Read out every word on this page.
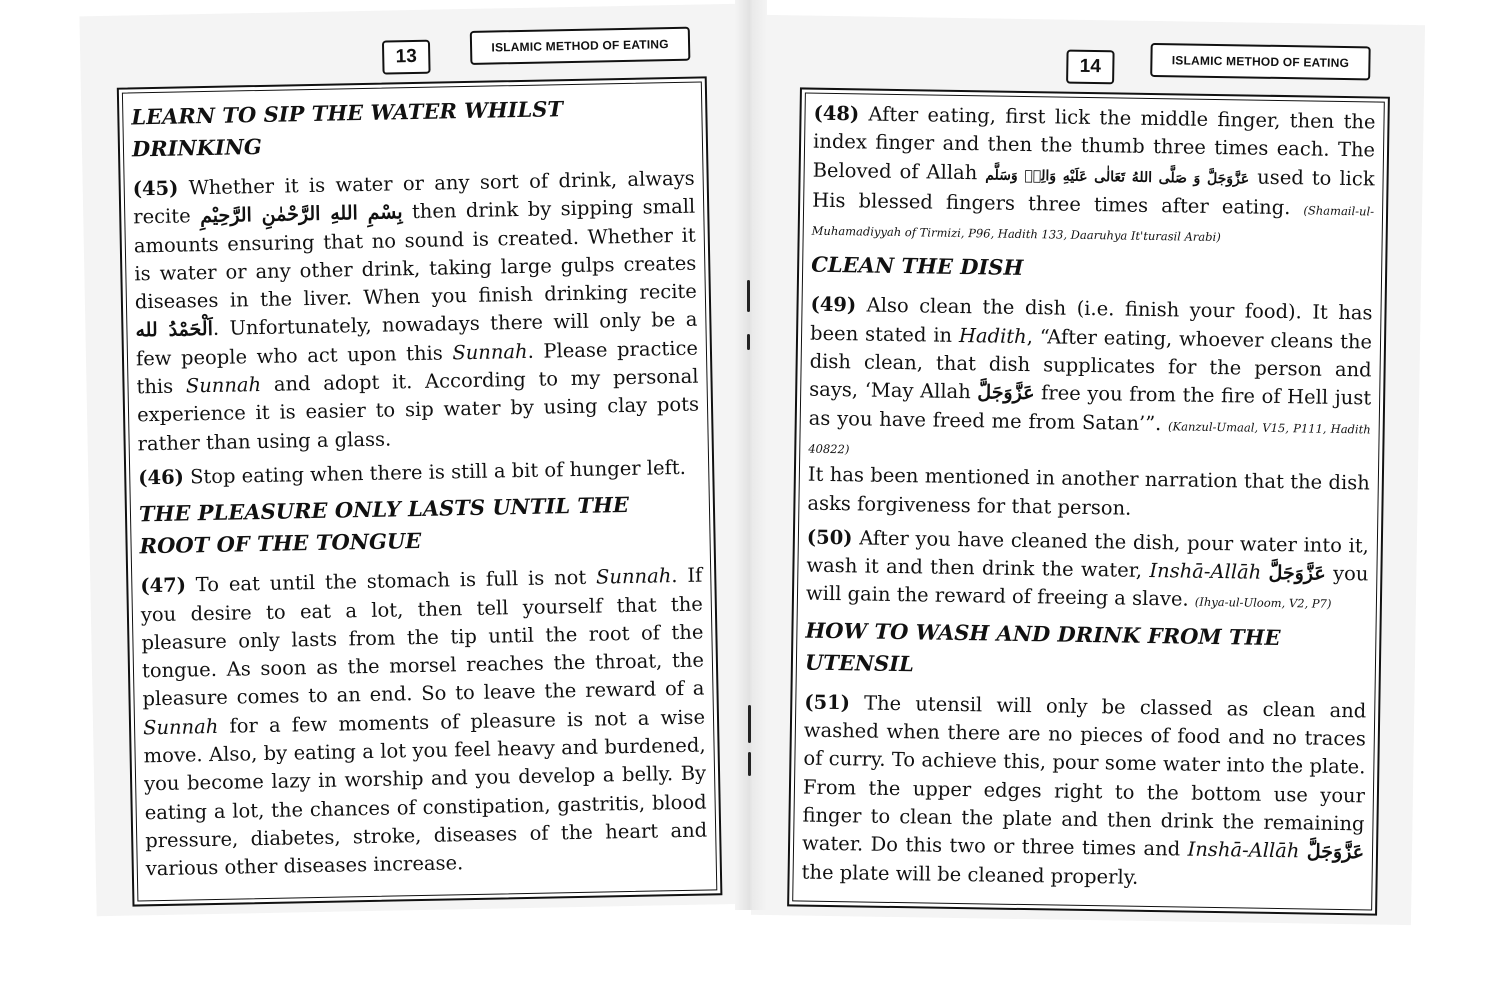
13
ISLAMIC METHOD OF EATING
LEARN TO SIP THE WATER WHILST DRINKING

(45) Whether it is water or any sort of drink, always recite بِسْمِ اللهِ الرَّحْمٰنِ الرَّحِيْمِ then drink by sipping small amounts ensuring that no sound is created. Whether it is water or any other drink, taking large gulps creates diseases in the liver. When you finish drinking recite اَلْحَمْدُ لله. Unfortunately, nowadays there will only be a few people who act upon this Sunnah. Please practice this Sunnah and adopt it. According to my personal experience it is easier to sip water by using clay pots rather than using a glass.

(46) Stop eating when there is still a bit of hunger left.

THE PLEASURE ONLY LASTS UNTIL THE ROOT OF THE TONGUE

(47) To eat until the stomach is full is not Sunnah. If you desire to eat a lot, then tell yourself that the pleasure only lasts from the tip until the root of the tongue. As soon as the morsel reaches the throat, the pleasure comes to an end. So to leave the reward of a Sunnah for a few moments of pleasure is not a wise move. Also, by eating a lot you feel heavy and burdened, you become lazy in worship and you develop a belly. By eating a lot, the chances of constipation, gastritis, blood pressure, diabetes, stroke, diseases of the heart and various other diseases increase.

14	ISLAMIC METHOD OF EATING

(48) After eating, first lick the middle finger, then the index finger and then the thumb three times each. The Beloved of Allah عَزَّوَجَلَّ وَ صَلَّی اللهُ تَعَالٰی عَلَيْهِ وَالِهٖ وَسَلَّم used to lick His blessed fingers three times after eating. (Shamail-ul-Muhamadiyyah of Tirmizi, P96, Hadith 133, Daaruhya It'turasil Arabi)

CLEAN THE DISH

(49) Also clean the dish (i.e. finish your food). It has been stated in Hadith, “After eating, whoever cleans the dish clean, that dish supplicates for the person and says, ‘May Allah عَزَّوَجَلَّ free you from the fire of Hell just as you have freed me from Satan’”. (Kanzul-Umaal, V15, P111, Hadith 40822)
It has been mentioned in another narration that the dish asks forgiveness for that person.

(50) After you have cleaned the dish, pour water into it, wash it and then drink the water, Inshā-Allāh عَزَّوَجَلَّ you will gain the reward of freeing a slave. (Ihya-ul-Uloom, V2, P7)

HOW TO WASH AND DRINK FROM THE UTENSIL

(51) The utensil will only be classed as clean and washed when there are no pieces of food and no traces of curry. To achieve this, pour some water into the plate. From the upper edges right to the bottom use your finger to clean the plate and then drink the remaining water. Do this two or three times and Inshā-Allāh عَزَّوَجَلَّ the plate will be cleaned properly.
